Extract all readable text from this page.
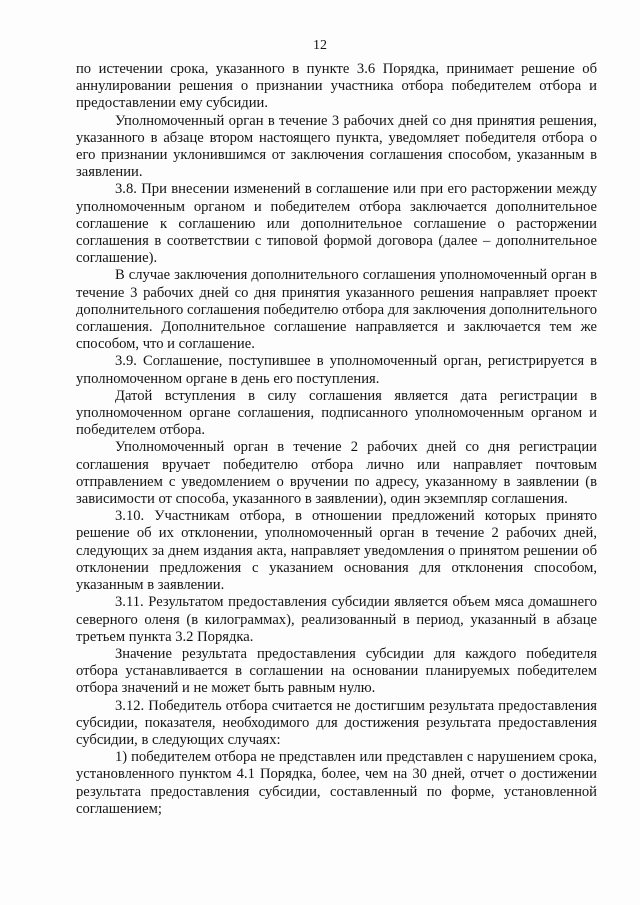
12

по истечении срока, указанного в пункте 3.6 Порядка, принимает решение об аннулировании решения о признании участника отбора победителем отбора и предоставлении ему субсидии.

Уполномоченный орган в течение 3 рабочих дней со дня принятия решения, указанного в абзаце втором настоящего пункта, уведомляет победителя отбора о его признании уклонившимся от заключения соглашения способом, указанным в заявлении.

3.8. При внесении изменений в соглашение или при его расторжении между уполномоченным органом и победителем отбора заключается дополнительное соглашение к соглашению или дополнительное соглашение о расторжении соглашения в соответствии с типовой формой договора (далее – дополнительное соглашение).

В случае заключения дополнительного соглашения уполномоченный орган в течение 3 рабочих дней со дня принятия указанного решения направляет проект дополнительного соглашения победителю отбора для заключения дополнительного соглашения. Дополнительное соглашение направляется и заключается тем же способом, что и соглашение.

3.9. Соглашение, поступившее в уполномоченный орган, регистрируется в уполномоченном органе в день его поступления.

Датой вступления в силу соглашения является дата регистрации в уполномоченном органе соглашения, подписанного уполномоченным органом и победителем отбора.

Уполномоченный орган в течение 2 рабочих дней со дня регистрации соглашения вручает победителю отбора лично или направляет почтовым отправлением с уведомлением о вручении по адресу, указанному в заявлении (в зависимости от способа, указанного в заявлении), один экземпляр соглашения.

3.10. Участникам отбора, в отношении предложений которых принято решение об их отклонении, уполномоченный орган в течение 2 рабочих дней, следующих за днем издания акта, направляет уведомления о принятом решении об отклонении предложения с указанием основания для отклонения способом, указанным в заявлении.

3.11. Результатом предоставления субсидии является объем мяса домашнего северного оленя (в килограммах), реализованный в период, указанный в абзаце третьем пункта 3.2 Порядка.

Значение результата предоставления субсидии для каждого победителя отбора устанавливается в соглашении на основании планируемых победителем отбора значений и не может быть равным нулю.

3.12. Победитель отбора считается не достигшим результата предоставления субсидии, показателя, необходимого для достижения результата предоставления субсидии, в следующих случаях:

1) победителем отбора не представлен или представлен с нарушением срока, установленного пунктом 4.1 Порядка, более, чем на 30 дней, отчет о достижении результата предоставления субсидии, составленный по форме, установленной соглашением;
